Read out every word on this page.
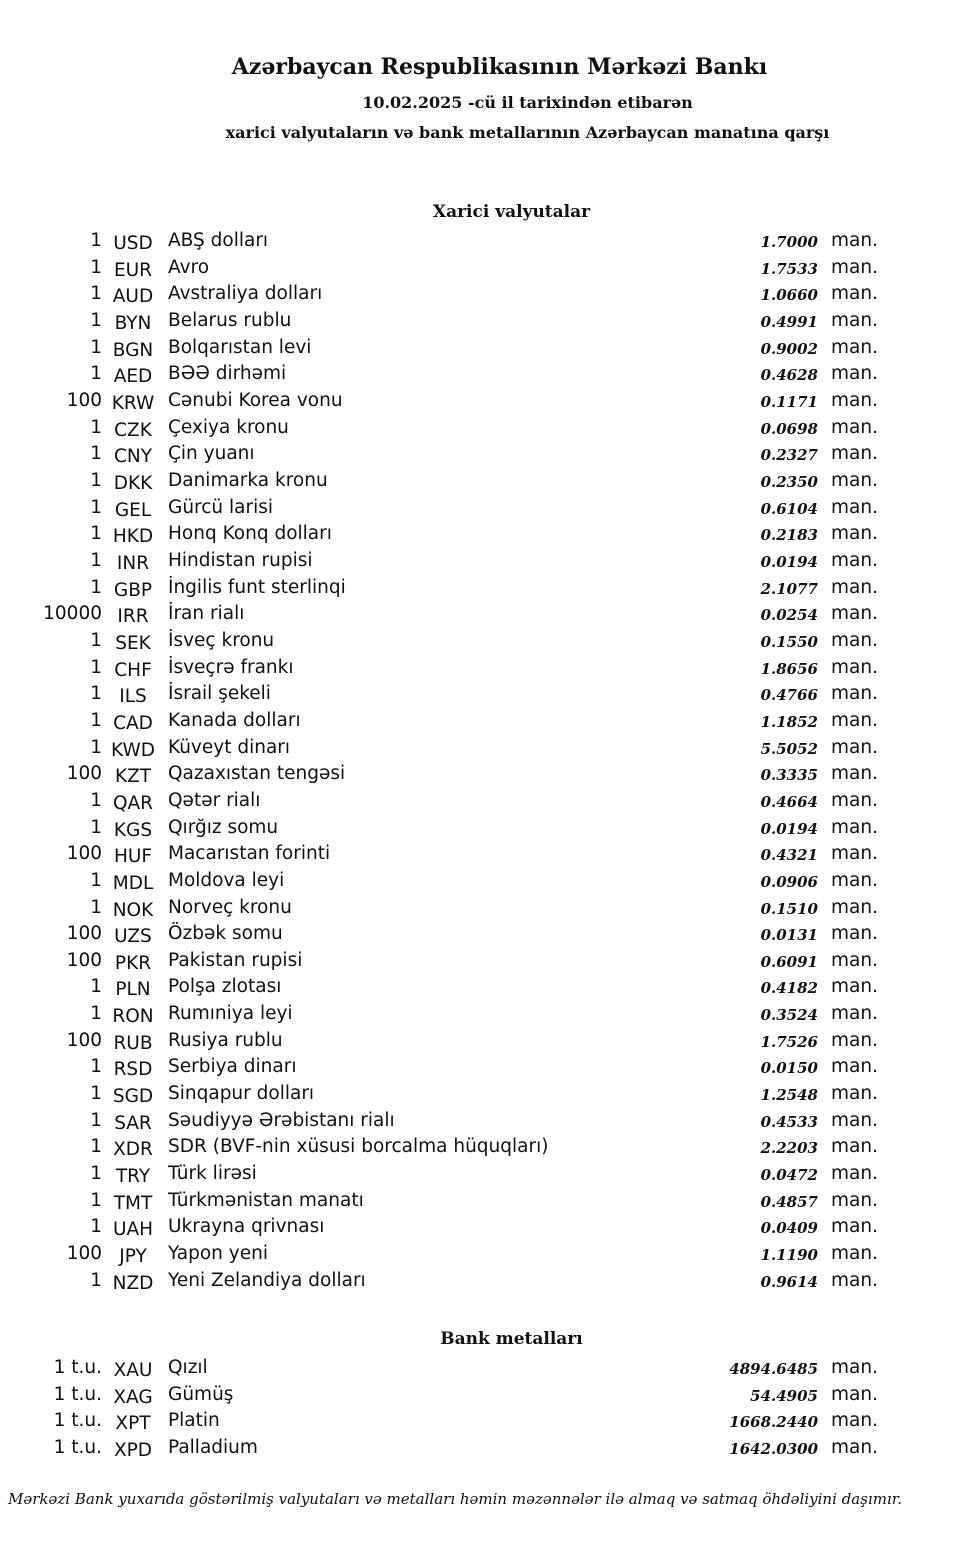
Azərbaycan Respublikasının Mərkəzi Bankı
10.02.2025 -cü il tarixindən etibarən
xarici valyutaların və bank metallarının Azərbaycan manatına qarşı
Xarici valyutalar
1 USD ABŞ dolları	1.7000 man.
1 EUR Avro	1.7533 man.
1 AUD Avstraliya dolları	1.0660 man.
1 BYN Belarus rublu	0.4991 man.
1 BGN Bolqarıstan levi	0.9002 man.
1 AED BƏƏ dirhəmi	0.4628 man.
100 KRW Cənubi Korea vonu	0.1171 man.
1 CZK Çexiya kronu	0.0698 man.
1 CNY Çin yuanı	0.2327 man.
1 DKK Danimarka kronu	0.2350 man.
1 GEL Gürcü larisi	0.6104 man.
1 HKD Honq Konq dolları	0.2183 man.
1 INR	Hindistan rupisi	0.0194 man.
1 GBP İngilis funt sterlinqi	2.1077 man.
10000 IRR	İran rialı	0.0254 man.
1 SEK İsveç kronu	0.1550 man.
1 CHF İsveçrə frankı	1.8656 man.
1 ILS	İsrail şekeli	0.4766 man.
1 CAD Kanada dolları	1.1852 man.
1 KWD Küveyt dinarı	5.5052 man.
100 KZT Qazaxıstan tengəsi	0.3335 man.
1 QAR Qətər rialı	0.4664 man.
1 KGS Qırğız somu	0.0194 man.
100 HUF Macarıstan forinti	0.4321 man.
1 MDL Moldova leyi	0.0906 man.
1 NOK Norveç kronu	0.1510 man.
100 UZS Özbək somu	0.0131 man.
100 PKR Pakistan rupisi	0.6091 man.
1 PLN Polşa zlotası	0.4182 man.
1 RON Rumıniya leyi	0.3524 man.
100 RUB Rusiya rublu	1.7526 man.
1 RSD Serbiya dinarı	0.0150 man.
1 SGD Sinqapur dolları	1.2548 man.
1 SAR Səudiyyə Ərəbistanı rialı	0.4533 man.
1 XDR SDR (BVF-nin xüsusi borcalma hüquqları)	2.2203 man.
1 TRY Türk lirəsi	0.0472 man.
1 TMT Türkmənistan manatı	0.4857 man.
1 UAH Ukrayna qrivnası	0.0409 man.
100 JPY	Yapon yeni	1.1190 man.
1 NZD Yeni Zelandiya dolları	0.9614 man.
Bank metalları
1 t.u. XAU Qızıl	4894.6485 man.
1 t.u. XAG Gümüş	54.4905 man.
1 t.u. XPT Platin	1668.2440 man.
1 t.u. XPD Palladium	1642.0300 man.
Mərkəzi Bank yuxarıda göstərilmiş valyutaları və metalları həmin məzənnələr ilə almaq və satmaq öhdəliyini daşımır.
